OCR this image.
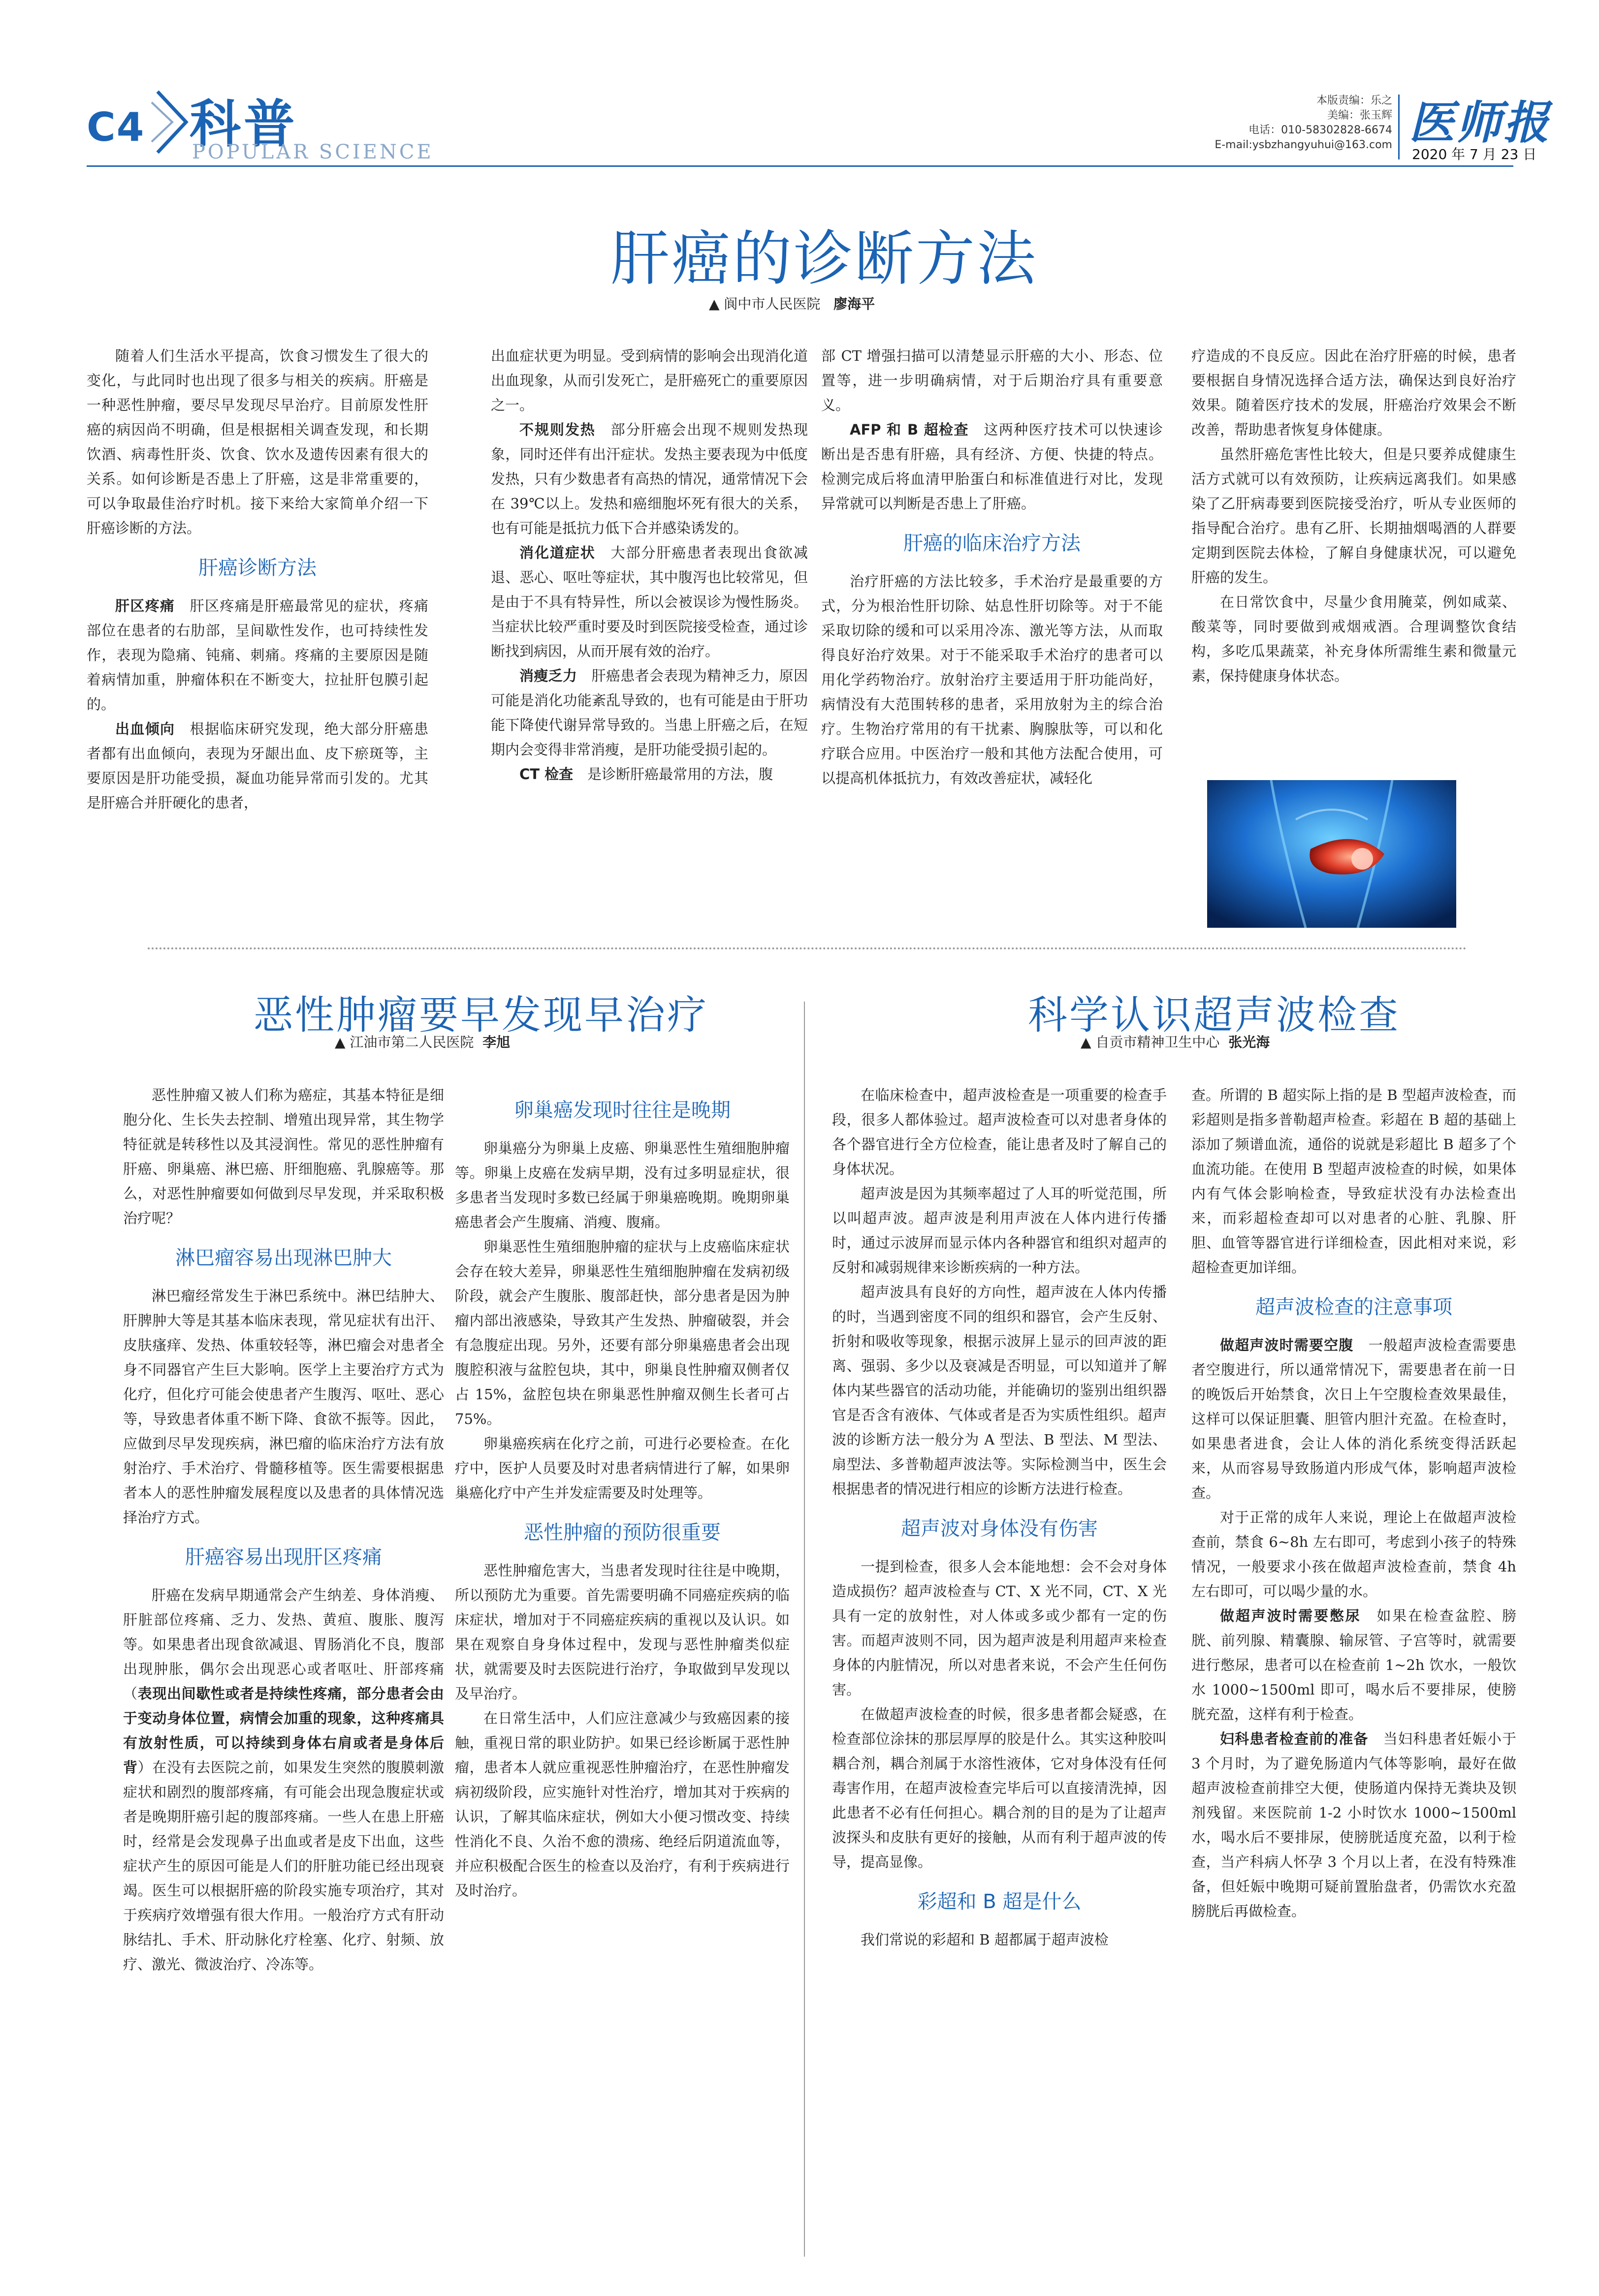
C4 科普
POPULAR SCIENCE
本版责编：乐之
美编：张玉辉
电话：010-58302828-6674
E-mail:ysbzhangyuhui@163.com 医师报
2020 年 7 月 23 日
肝癌的诊断方法
▲ 阆中市人民医院 廖海平

随着人们生活水平提高，饮食习惯发生了很大的变化，与此同时也出现了很多与相关的疾病。肝癌是一种恶性肿瘤，要尽早发现尽早治疗。目前原发性肝癌的病因尚不明确，但是根据相关调查发现，和长期饮酒、病毒性肝炎、饮食、饮水及遗传因素有很大的关系。如何诊断是否患上了肝癌，这是非常重要的，可以争取最佳治疗时机。接下来给大家简单介绍一下肝癌诊断的方法。

肝癌诊断方法

肝区疼痛  肝区疼痛是肝癌最常见的症状，疼痛部位在患者的右肋部，呈间歇性发作，也可持续性发作，表现为隐痛、钝痛、刺痛。疼痛的主要原因是随着病情加重，肿瘤体积在不断变大，拉扯肝包膜引起的。

出血倾向  根据临床研究发现，绝大部分肝癌患者都有出血倾向，表现为牙龈出血、皮下瘀斑等，主要原因是肝功能受损，凝血功能异常而引发的。尤其是肝癌合并肝硬化的患者，

出血症状更为明显。受到病情的影响会出现消化道出血现象，从而引发死亡，是肝癌死亡的重要原因之一。

不规则发热  部分肝癌会出现不规则发热现象，同时还伴有出汗症状。发热主要表现为中低度发热，只有少数患者有高热的情况，通常情况下会在 39℃以上。发热和癌细胞坏死有很大的关系，也有可能是抵抗力低下合并感染诱发的。

消化道症状  大部分肝癌患者表现出食欲减退、恶心、呕吐等症状，其中腹泻也比较常见，但是由于不具有特异性，所以会被误诊为慢性肠炎。当症状比较严重时要及时到医院接受检查，通过诊断找到病因，从而开展有效的治疗。

消瘦乏力  肝癌患者会表现为精神乏力，原因可能是消化功能紊乱导致的，也有可能是由于肝功能下降使代谢异常导致的。当患上肝癌之后，在短期内会变得非常消瘦，是肝功能受损引起的。

CT 检查  是诊断肝癌最常用的方法，腹

部 CT 增强扫描可以清楚显示肝癌的大小、形态、位置等，进一步明确病情，对于后期治疗具有重要意义。

AFP 和 B 超检查  这两种医疗技术可以快速诊断出是否患有肝癌，具有经济、方便、快捷的特点。检测完成后将血清甲胎蛋白和标准值进行对比，发现异常就可以判断是否患上了肝癌。

肝癌的临床治疗方法

治疗肝癌的方法比较多，手术治疗是最重要的方式，分为根治性肝切除、姑息性肝切除等。对于不能采取切除的缓和可以采用冷冻、激光等方法，从而取得良好治疗效果。对于不能采取手术治疗的患者可以用化学药物治疗。放射治疗主要适用于肝功能尚好，病情没有大范围转移的患者，采用放射为主的综合治疗。生物治疗常用的有干扰素、胸腺肽等，可以和化疗联合应用。中医治疗一般和其他方法配合使用，可以提高机体抵抗力，有效改善症状，减轻化

疗造成的不良反应。因此在治疗肝癌的时候，患者要根据自身情况选择合适方法，确保达到良好治疗效果。随着医疗技术的发展，肝癌治疗效果会不断改善，帮助患者恢复身体健康。

虽然肝癌危害性比较大，但是只要养成健康生活方式就可以有效预防，让疾病远离我们。如果感染了乙肝病毒要到医院接受治疗，听从专业医师的指导配合治疗。患有乙肝、长期抽烟喝酒的人群要定期到医院去体检，了解自身健康状况，可以避免肝癌的发生。

在日常饮食中，尽量少食用腌菜，例如咸菜、酸菜等，同时要做到戒烟戒酒。合理调整饮食结构，多吃瓜果蔬菜，补充身体所需维生素和微量元素，保持健康身体状态。

恶性肿瘤要早发现早治疗
▲ 江油市第二人民医院 李旭

恶性肿瘤又被人们称为癌症，其基本特征是细胞分化、生长失去控制、增殖出现异常，其生物学特征就是转移性以及其浸润性。常见的恶性肿瘤有肝癌、卵巢癌、淋巴癌、肝细胞癌、乳腺癌等。那么，对恶性肿瘤要如何做到尽早发现，并采取积极治疗呢？

淋巴瘤容易出现淋巴肿大

淋巴瘤经常发生于淋巴系统中。淋巴结肿大、肝脾肿大等是其基本临床表现，常见症状有出汗、皮肤瘙痒、发热、体重较轻等，淋巴瘤会对患者全身不同器官产生巨大影响。医学上主要治疗方式为化疗，但化疗可能会使患者产生腹泻、呕吐、恶心等，导致患者体重不断下降、食欲不振等。因此，应做到尽早发现疾病，淋巴瘤的临床治疗方法有放射治疗、手术治疗、骨髓移植等。医生需要根据患者本人的恶性肿瘤发展程度以及患者的具体情况选择治疗方式。

肝癌容易出现肝区疼痛

肝癌在发病早期通常会产生纳差、身体消瘦、肝脏部位疼痛、乏力、发热、黄疸、腹胀、腹泻等。如果患者出现食欲减退、胃肠消化不良，腹部出现肿胀，偶尔会出现恶心或者呕吐、肝部疼痛（表现出间歇性或者是持续性疼痛，部分患者会由于变动身体位置，病情会加重的现象，这种疼痛具有放射性质，可以持续到身体右肩或者是身体后背）在没有去医院之前，如果发生突然的腹膜刺激症状和剧烈的腹部疼痛，有可能会出现急腹症状或者是晚期肝癌引起的腹部疼痛。一些人在患上肝癌时，经常是会发现鼻子出血或者是皮下出血，这些症状产生的原因可能是人们的肝脏功能已经出现衰竭。医生可以根据肝癌的阶段实施专项治疗，其对于疾病疗效增强有很大作用。一般治疗方式有肝动脉结扎、手术、肝动脉化疗栓塞、化疗、射频、放疗、激光、微波治疗、冷冻等。

卵巢癌发现时往往是晚期

卵巢癌分为卵巢上皮癌、卵巢恶性生殖细胞肿瘤等。卵巢上皮癌在发病早期，没有过多明显症状，很多患者当发现时多数已经属于卵巢癌晚期。晚期卵巢癌患者会产生腹痛、消瘦、腹痛。

卵巢恶性生殖细胞肿瘤的症状与上皮癌临床症状会存在较大差异，卵巢恶性生殖细胞肿瘤在发病初级阶段，就会产生腹胀、腹部赶快，部分患者是因为肿瘤内部出液感染，导致其产生发热、肿瘤破裂，并会有急腹症出现。另外，还要有部分卵巢癌患者会出现腹腔积液与盆腔包块，其中，卵巢良性肿瘤双侧者仅占 15%，盆腔包块在卵巢恶性肿瘤双侧生长者可占 75%。

卵巢癌疾病在化疗之前，可进行必要检查。在化疗中，医护人员要及时对患者病情进行了解，如果卵巢癌化疗中产生并发症需要及时处理等。

恶性肿瘤的预防很重要

恶性肿瘤危害大，当患者发现时往往是中晚期，所以预防尤为重要。首先需要明确不同癌症疾病的临床症状，增加对于不同癌症疾病的重视以及认识。如果在观察自身身体过程中，发现与恶性肿瘤类似症状，就需要及时去医院进行治疗，争取做到早发现以及早治疗。

在日常生活中，人们应注意减少与致癌因素的接触，重视日常的职业防护。如果已经诊断属于恶性肿瘤，患者本人就应重视恶性肿瘤治疗，在恶性肿瘤发病初级阶段，应实施针对性治疗，增加其对于疾病的认识，了解其临床症状，例如大小便习惯改变、持续性消化不良、久治不愈的溃疡、绝经后阴道流血等，并应积极配合医生的检查以及治疗，有利于疾病进行及时治疗。

科学认识超声波检查
▲ 自贡市精神卫生中心 张光海

在临床检查中，超声波检查是一项重要的检查手段，很多人都体验过。超声波检查可以对患者身体的各个器官进行全方位检查，能让患者及时了解自己的身体状况。

超声波是因为其频率超过了人耳的听觉范围，所以叫超声波。超声波是利用声波在人体内进行传播时，通过示波屏而显示体内各种器官和组织对超声的反射和减弱规律来诊断疾病的一种方法。

超声波具有良好的方向性，超声波在人体内传播的时，当遇到密度不同的组织和器官，会产生反射、折射和吸收等现象，根据示波屏上显示的回声波的距离、强弱、多少以及衰减是否明显，可以知道并了解体内某些器官的活动功能，并能确切的鉴别出组织器官是否含有液体、气体或者是否为实质性组织。超声波的诊断方法一般分为 A 型法、B 型法、M 型法、扇型法、多普勒超声波法等。实际检测当中，医生会根据患者的情况进行相应的诊断方法进行检查。

超声波对身体没有伤害

一提到检查，很多人会本能地想：会不会对身体造成损伤？超声波检查与 CT、X 光不同，CT、X 光具有一定的放射性，对人体或多或少都有一定的伤害。而超声波则不同，因为超声波是利用超声来检查身体的内脏情况，所以对患者来说，不会产生任何伤害。

在做超声波检查的时候，很多患者都会疑惑，在检查部位涂抹的那层厚厚的胶是什么。其实这种胶叫耦合剂，耦合剂属于水溶性液体，它对身体没有任何毒害作用，在超声波检查完毕后可以直接清洗掉，因此患者不必有任何担心。耦合剂的目的是为了让超声波探头和皮肤有更好的接触，从而有利于超声波的传导，提高显像。

彩超和 B 超是什么

我们常说的彩超和 B 超都属于超声波检

查。所谓的 B 超实际上指的是 B 型超声波检查，而彩超则是指多普勒超声检查。彩超在 B 超的基础上添加了频谱血流，通俗的说就是彩超比 B 超多了个血流功能。在使用 B 型超声波检查的时候，如果体内有气体会影响检查，导致症状没有办法检查出来，而彩超检查却可以对患者的心脏、乳腺、肝胆、血管等器官进行详细检查，因此相对来说，彩超检查更加详细。

超声波检查的注意事项

做超声波时需要空腹  一般超声波检查需要患者空腹进行，所以通常情况下，需要患者在前一日的晚饭后开始禁食，次日上午空腹检查效果最佳，这样可以保证胆囊、胆管内胆汁充盈。在检查时，如果患者进食，会让人体的消化系统变得活跃起来，从而容易导致肠道内形成气体，影响超声波检查。

对于正常的成年人来说，理论上在做超声波检查前，禁食 6~8h 左右即可，考虑到小孩子的特殊情况，一般要求小孩在做超声波检查前，禁食 4h 左右即可，可以喝少量的水。

做超声波时需要憋尿  如果在检查盆腔、膀胱、前列腺、精囊腺、输尿管、子宫等时，就需要进行憋尿，患者可以在检查前 1~2h 饮水，一般饮水 1000~1500ml 即可，喝水后不要排尿，使膀胱充盈，这样有利于检查。

妇科患者检查前的准备  当妇科患者妊娠小于 3 个月时，为了避免肠道内气体等影响，最好在做超声波检查前排空大便，使肠道内保持无粪块及钡剂残留。来医院前 1-2 小时饮水 1000~1500ml 水，喝水后不要排尿，使膀胱适度充盈，以利于检查，当产科病人怀孕 3 个月以上者，在没有特殊准备，但妊娠中晚期可疑前置胎盘者，仍需饮水充盈膀胱后再做检查。
